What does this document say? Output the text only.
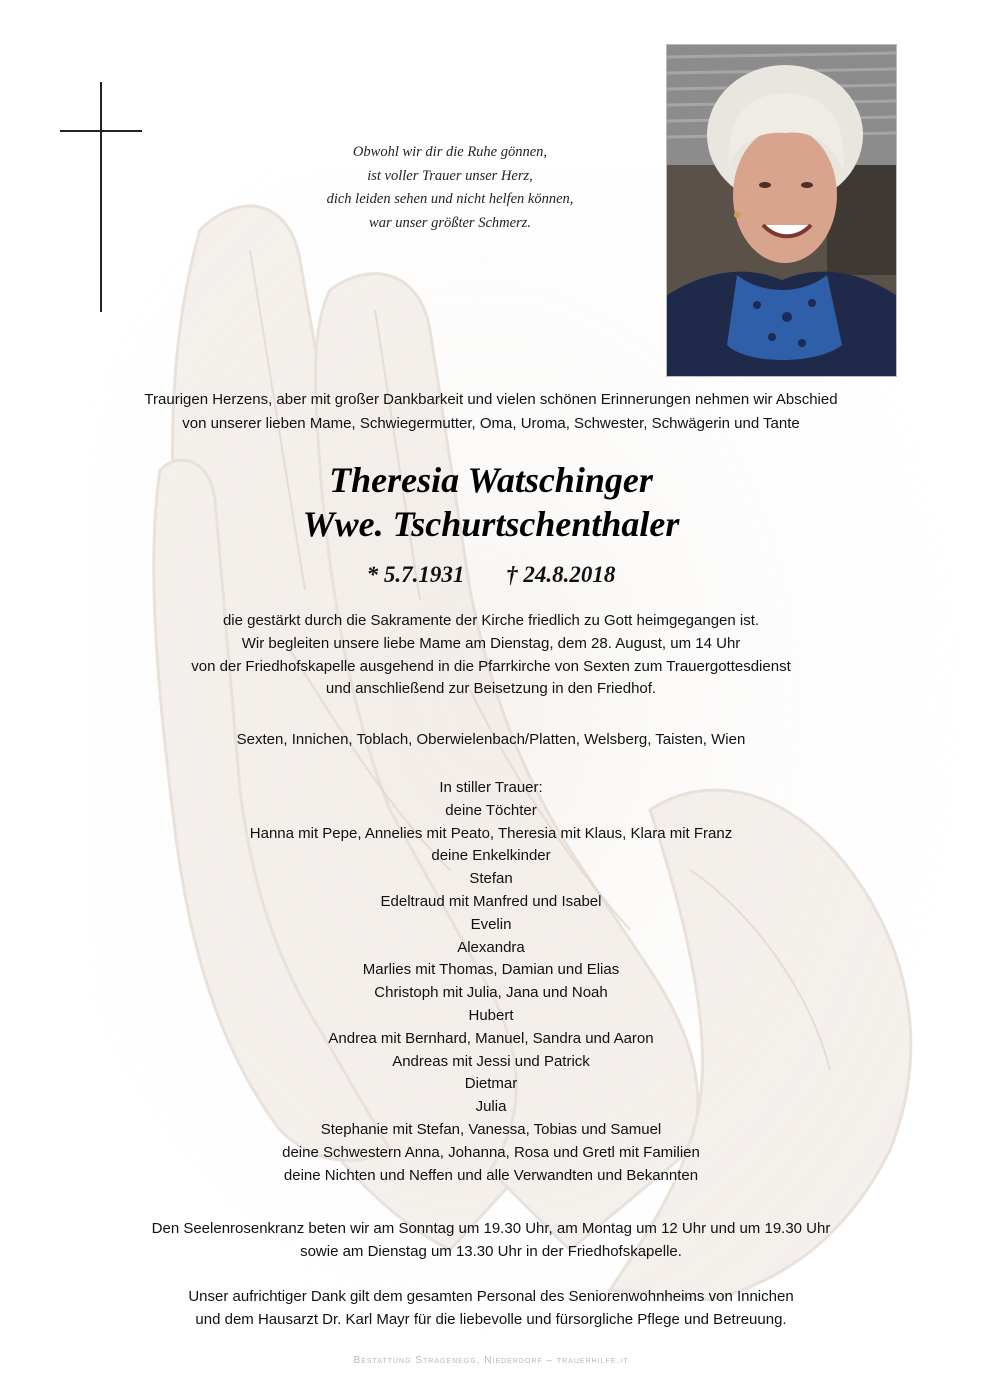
Obwohl wir dir die Ruhe gönnen,
ist voller Trauer unser Herz,
dich leiden sehen und nicht helfen können,
war unser größter Schmerz.
Traurigen Herzens, aber mit großer Dankbarkeit und vielen schönen Erinnerungen nehmen wir Abschied
von unserer lieben Mame, Schwiegermutter, Oma, Uroma, Schwester, Schwägerin und Tante
Theresia Watschinger
Wwe. Tschurtschenthaler
* 5.7.1931 † 24.8.2018
die gestärkt durch die Sakramente der Kirche friedlich zu Gott heimgegangen ist.
Wir begleiten unsere liebe Mame am Dienstag, dem 28. August, um 14 Uhr
von der Friedhofskapelle ausgehend in die Pfarrkirche von Sexten zum Trauergottesdienst
und anschließend zur Beisetzung in den Friedhof.
Sexten, Innichen, Toblach, Oberwielenbach/Platten, Welsberg, Taisten, Wien
In stiller Trauer:
deine Töchter
Hanna mit Pepe, Annelies mit Peato, Theresia mit Klaus, Klara mit Franz
deine Enkelkinder
Stefan
Edeltraud mit Manfred und Isabel
Evelin
Alexandra
Marlies mit Thomas, Damian und Elias
Christoph mit Julia, Jana und Noah
Hubert
Andrea mit Bernhard, Manuel, Sandra und Aaron
Andreas mit Jessi und Patrick
Dietmar
Julia
Stephanie mit Stefan, Vanessa, Tobias und Samuel
deine Schwestern Anna, Johanna, Rosa und Gretl mit Familien
deine Nichten und Neffen und alle Verwandten und Bekannten
Den Seelenrosenkranz beten wir am Sonntag um 19.30 Uhr, am Montag um 12 Uhr und um 19.30 Uhr
sowie am Dienstag um 13.30 Uhr in der Friedhofskapelle.
Unser aufrichtiger Dank gilt dem gesamten Personal des Seniorenwohnheims von Innichen
und dem Hausarzt Dr. Karl Mayr für die liebevolle und fürsorgliche Pflege und Betreuung.
Bestattung Stragenegg, Niederdorf – trauerhilfe.it
